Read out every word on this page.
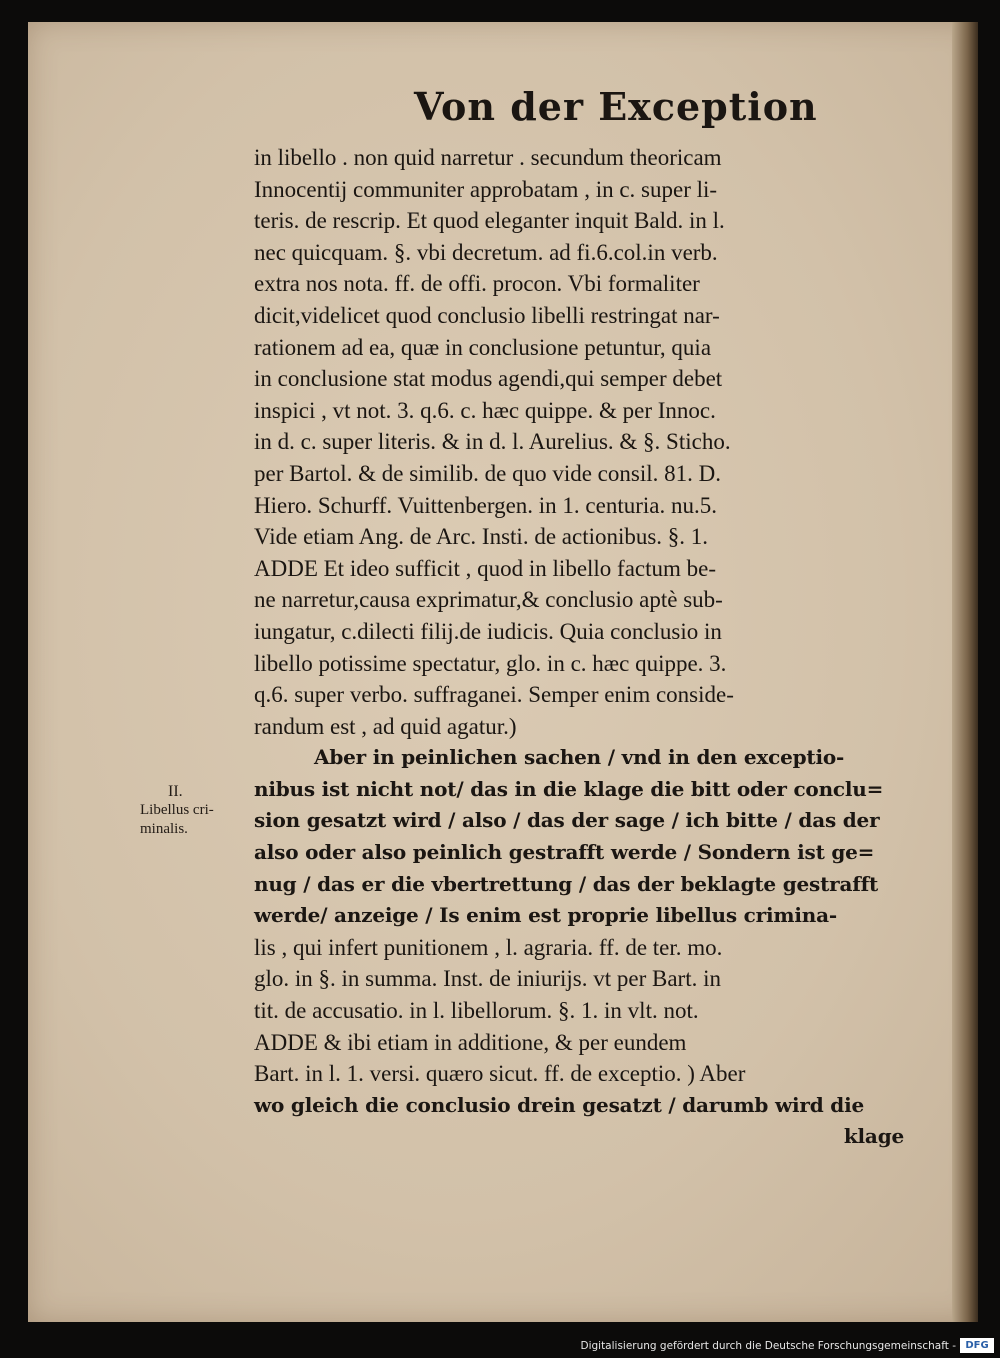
Von der Exception
in libello . non quid narretur . secundum theoricam
Innocentij communiter approbatam , in c. super li-
teris. de rescrip. Et quod eleganter inquit Bald. in l.
nec quicquam. §. vbi decretum. ad fi.6.col.in verb.
extra nos nota. ff. de offi. procon. Vbi formaliter
dicit,videlicet quod conclusio libelli restringat nar-
rationem ad ea, quæ in conclusione petuntur, quia
in conclusione stat modus agendi,qui semper debet
inspici , vt not. 3. q.6. c. hæc quippe. & per Innoc.
in d. c. super literis. & in d. l. Aurelius. & §. Sticho.
per Bartol. & de similib. de quo vide consil. 81. D.
Hiero. Schurff. Vuittenbergen. in 1. centuria. nu.5.
Vide etiam Ang. de Arc. Insti. de actionibus. §. 1.
ADDE Et ideo sufficit , quod in libello factum be-
ne narretur,causa exprimatur,& conclusio aptè sub-
iungatur, c.dilecti filij.de iudicis. Quia conclusio in
libello potissime spectatur, glo. in c. hæc quippe. 3.
q.6. super verbo. suffraganei. Semper enim conside-
randum est , ad quid agatur.)
Aber in peinlichen sachen / vnd in den exceptio-
nibus ist nicht not/ das in die klage die bitt oder conclu=
sion gesatzt wird / also / das der sage / ich bitte / das der
also oder also peinlich gestrafft werde / Sondern ist ge=
nug / das er die vbertrettung / das der beklagte gestrafft
werde/ anzeige / Is enim est proprie libellus crimina-
lis , qui infert punitionem , l. agraria. ff. de ter. mo.
glo. in §. in summa. Inst. de iniurijs. vt per Bart. in
tit. de accusatio. in l. libellorum. §. 1. in vlt. not.
ADDE & ibi etiam in additione, & per eundem
Bart. in l. 1. versi. quæro sicut. ff. de exceptio. ) Aber
wo gleich die conclusio drein gesatzt / darumb wird die
klage
II.
Libellus cri-
minalis.
Digitalisierung gefördert durch die Deutsche Forschungsgemeinschaft - DFG
